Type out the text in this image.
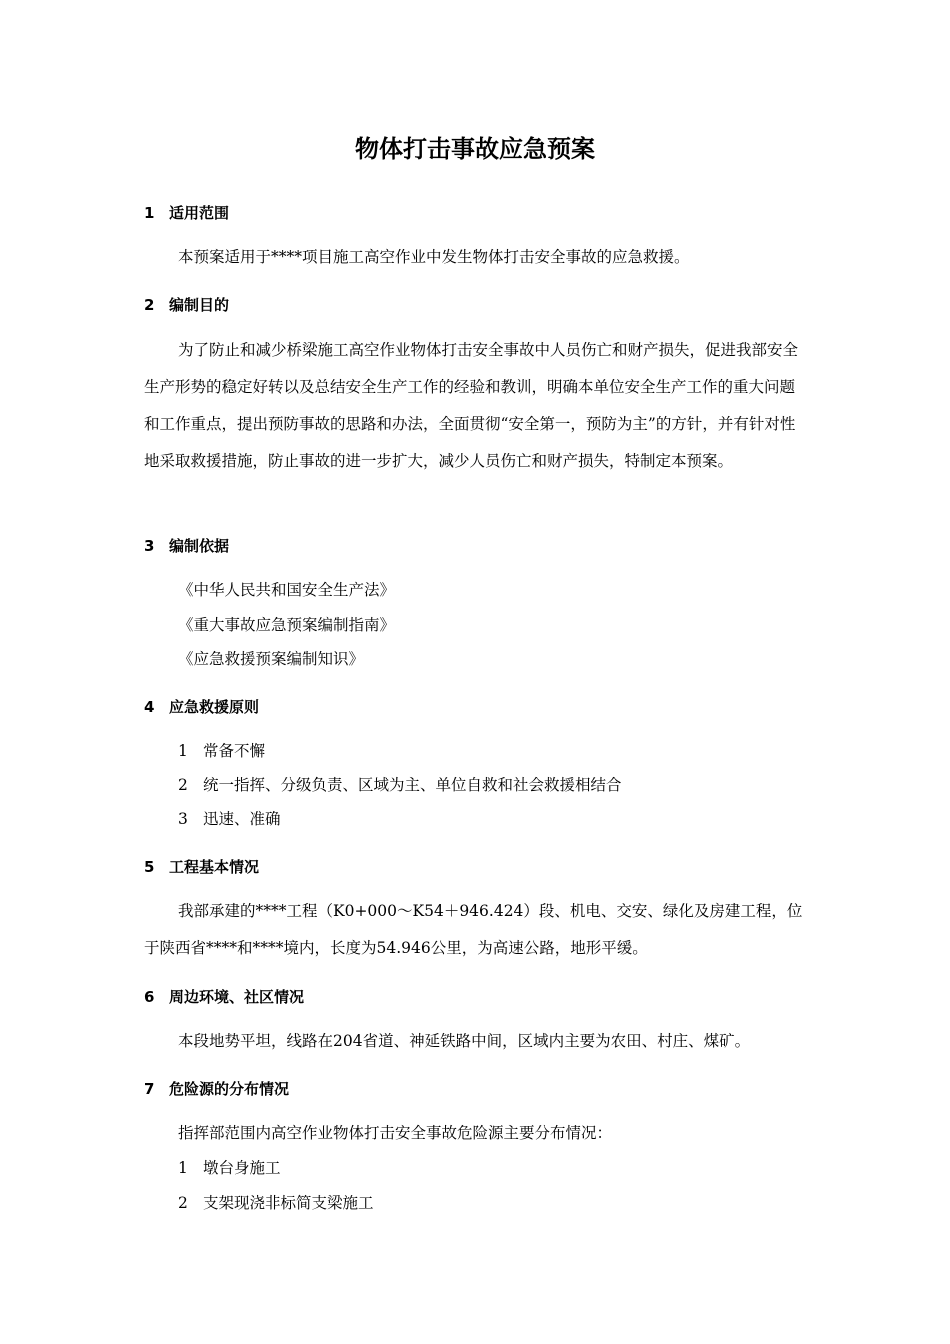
物体打击事故应急预案
1 适用范围
本预案适用于****项目施工高空作业中发生物体打击安全事故的应急救援。
2 编制目的
为了防止和减少桥梁施工高空作业物体打击安全事故中人员伤亡和财产损失，促进我部安全生产形势的稳定好转以及总结安全生产工作的经验和教训，明确本单位安全生产工作的重大问题和工作重点，提出预防事故的思路和办法，全面贯彻“安全第一，预防为主”的方针，并有针对性地采取救援措施，防止事故的进一步扩大，减少人员伤亡和财产损失，特制定本预案。
3 编制依据
《中华人民共和国安全生产法》
《重大事故应急预案编制指南》
《应急救援预案编制知识》
4 应急救援原则
1 常备不懈
2 统一指挥、分级负责、区域为主、单位自救和社会救援相结合
3 迅速、准确
5 工程基本情况
我部承建的****工程（K0+000～K54＋946.424）段、机电、交安、绿化及房建工程，位于陕西省****和****境内，长度为54.946公里，为高速公路，地形平缓。
6 周边环境、社区情况
本段地势平坦，线路在204省道、神延铁路中间，区域内主要为农田、村庄、煤矿。
7 危险源的分布情况
指挥部范围内高空作业物体打击安全事故危险源主要分布情况：
1 墩台身施工
2 支架现浇非标简支梁施工
